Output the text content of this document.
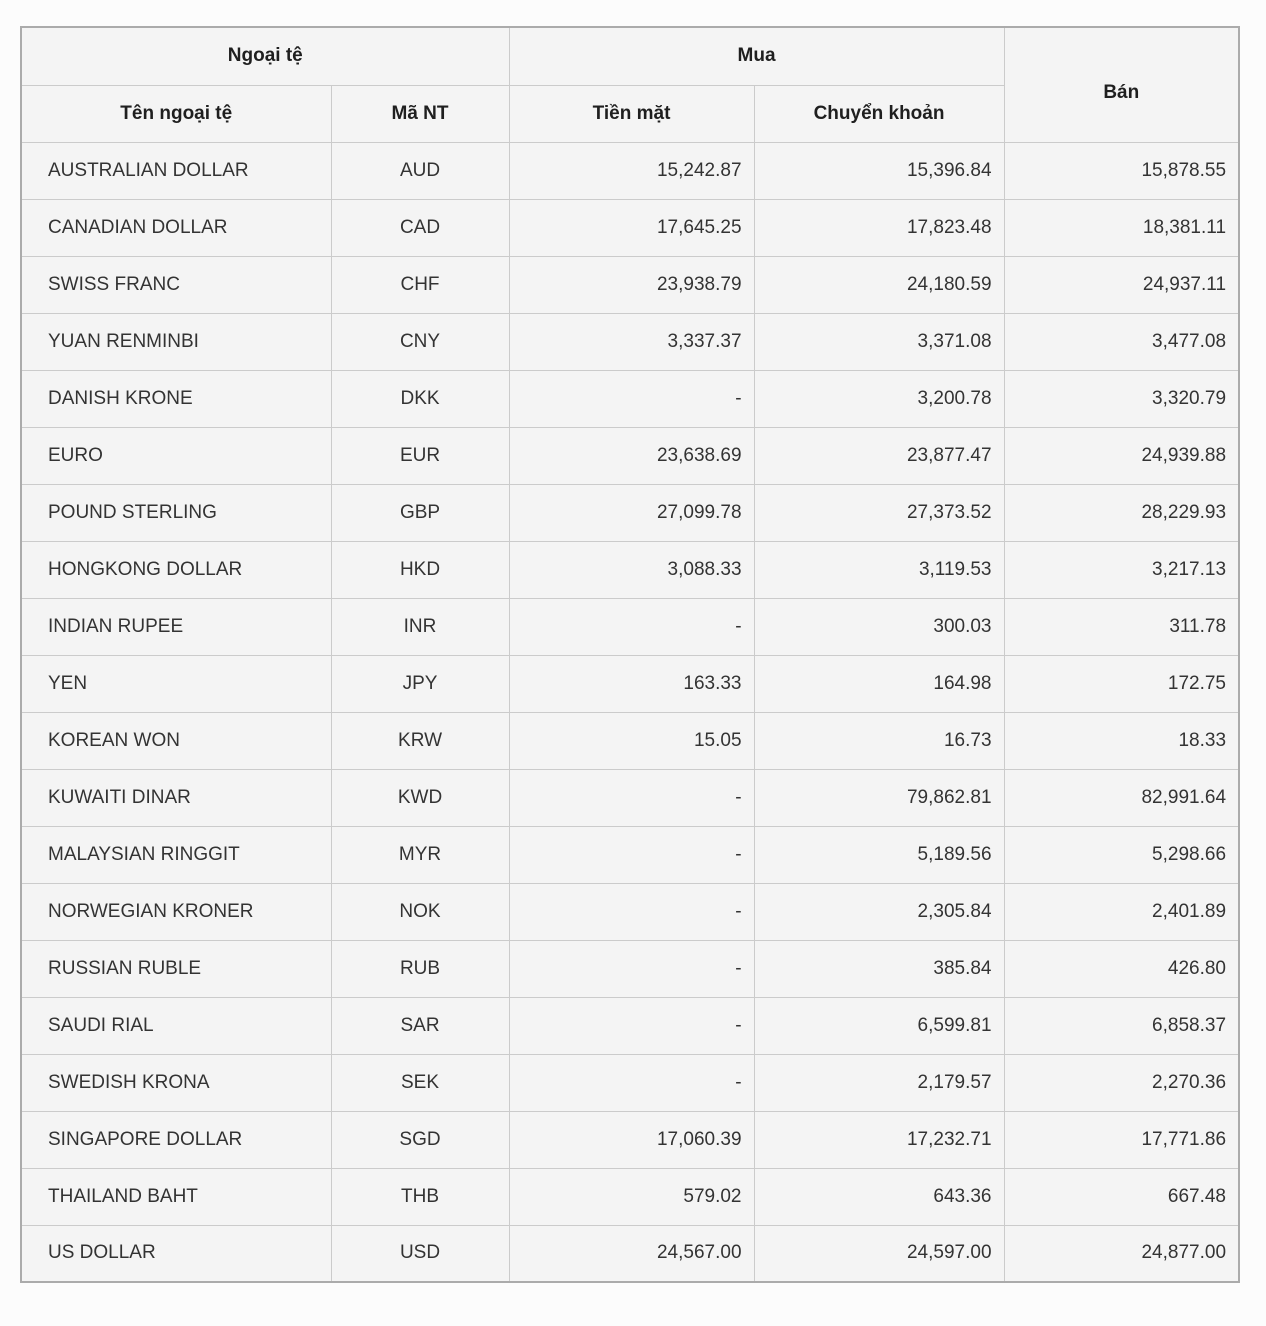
Ngoại tệ		Mua		Bán
Tên ngoại tệ	Mã NT	Tiền mặt	Chuyển khoản	
AUSTRALIAN DOLLAR	AUD	15,242.87	15,396.84	15,878.55
CANADIAN DOLLAR	CAD	17,645.25	17,823.48	18,381.11
SWISS FRANC	CHF	23,938.79	24,180.59	24,937.11
YUAN RENMINBI	CNY	3,337.37	3,371.08	3,477.08
DANISH KRONE	DKK	-	3,200.78	3,320.79
EURO	EUR	23,638.69	23,877.47	24,939.88
POUND STERLING	GBP	27,099.78	27,373.52	28,229.93
HONGKONG DOLLAR	HKD	3,088.33	3,119.53	3,217.13
INDIAN RUPEE	INR	-	300.03	311.78
YEN	JPY	163.33	164.98	172.75
KOREAN WON	KRW	15.05	16.73	18.33
KUWAITI DINAR	KWD	-	79,862.81	82,991.64
MALAYSIAN RINGGIT	MYR	-	5,189.56	5,298.66
NORWEGIAN KRONER	NOK	-	2,305.84	2,401.89
RUSSIAN RUBLE	RUB	-	385.84	426.80
SAUDI RIAL	SAR	-	6,599.81	6,858.37
SWEDISH KRONA	SEK	-	2,179.57	2,270.36
SINGAPORE DOLLAR	SGD	17,060.39	17,232.71	17,771.86
THAILAND BAHT	THB	579.02	643.36	667.48
US DOLLAR	USD	24,567.00	24,597.00	24,877.00
